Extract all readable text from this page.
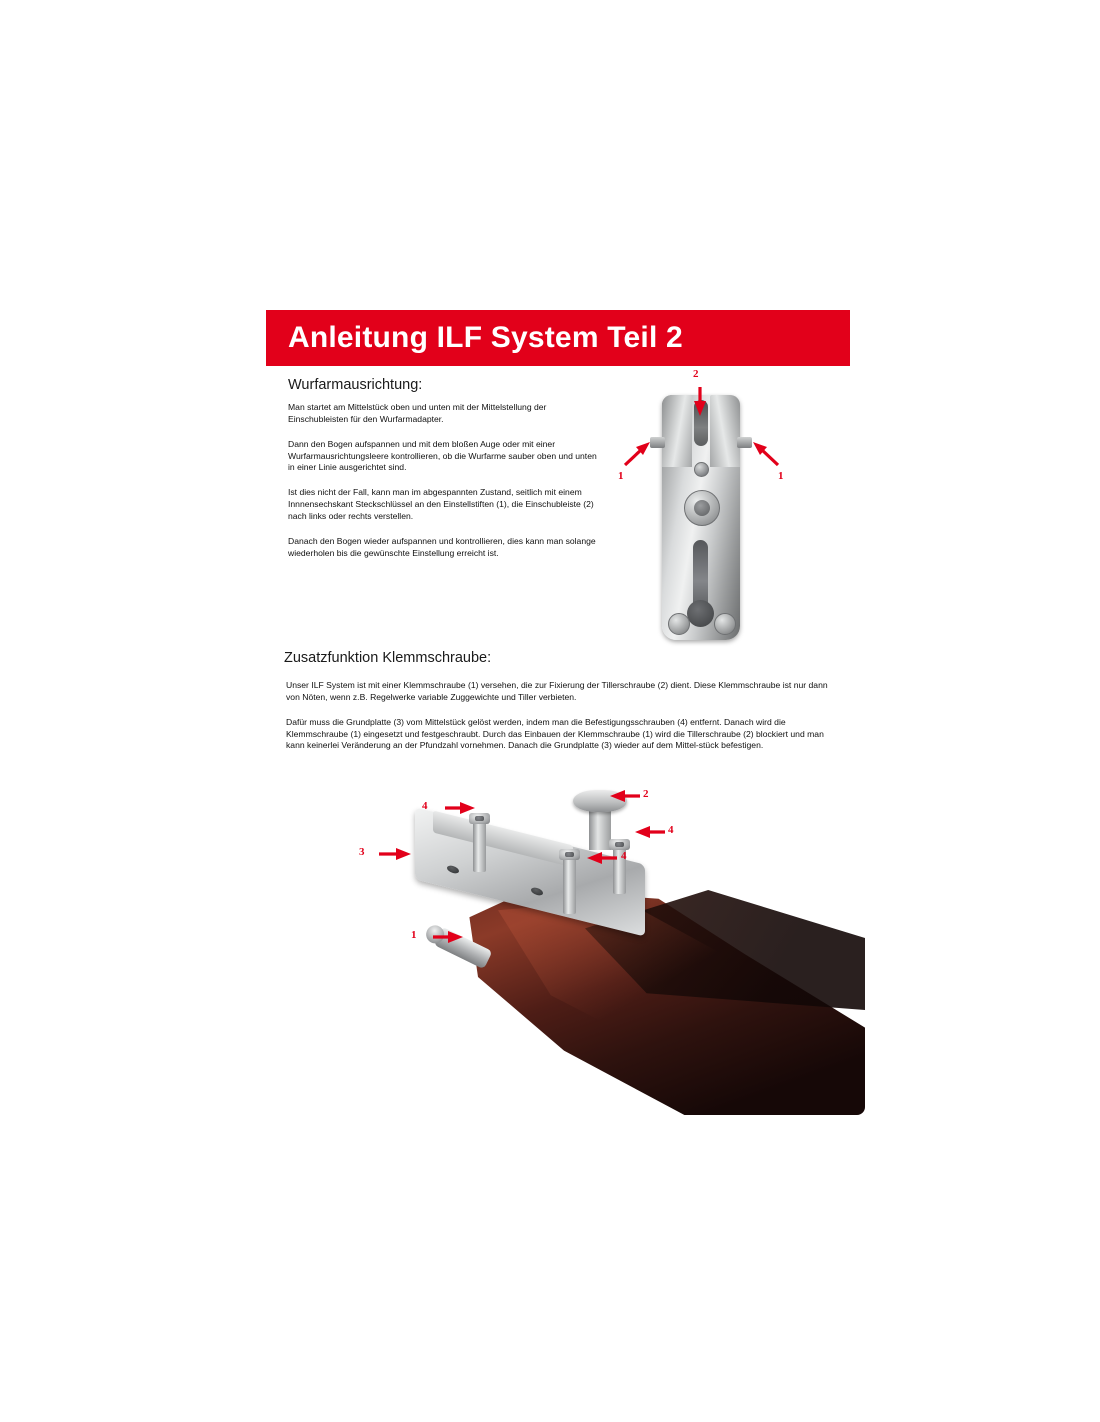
Anleitung ILF System Teil 2
Wurfarmausrichtung:

Man startet am Mittelstück oben und unten mit der Mittelstellung der Einschubleisten für den Wurfarmadapter.

Dann den Bogen aufspannen und mit dem bloßen Auge oder mit einer Wurfarmausrichtungsleere kontrollieren, ob die Wurfarme sauber oben und unten in einer Linie ausgerichtet sind.

Ist dies nicht der Fall, kann man im abgespannten Zustand, seitlich mit einem Innnensechskant Steckschlüssel an den Einstellstiften (1), die Einschubleiste (2) nach links oder rechts verstellen.

Danach den Bogen wieder aufspannen und kontrollieren, dies kann man solange wiederholen bis die gewünschte Einstellung erreicht ist.

2
1	1
Zusatzfunktion Klemmschraube:

Unser ILF System ist mit einer Klemmschraube (1) versehen, die zur Fixierung der Tillerschraube (2) dient. Diese Klemmschraube ist nur dann von Nöten, wenn z.B. Regelwerke variable Zuggewichte und Tiller verbieten.

Dafür muss die Grundplatte (3) vom Mittelstück gelöst werden, indem man die Befestigungsschrauben (4) entfernt. Danach wird die Klemmschraube (1) eingesetzt und festgeschraubt. Durch das Einbauen der Klemmschraube (1) wird die Tillerschraube (2) blockiert und man kann keinerlei Veränderung an der Pfundzahl vornehmen. Danach die Grundplatte (3) wieder auf dem Mittel-stück befestigen.

4
2
4
4
3
1
